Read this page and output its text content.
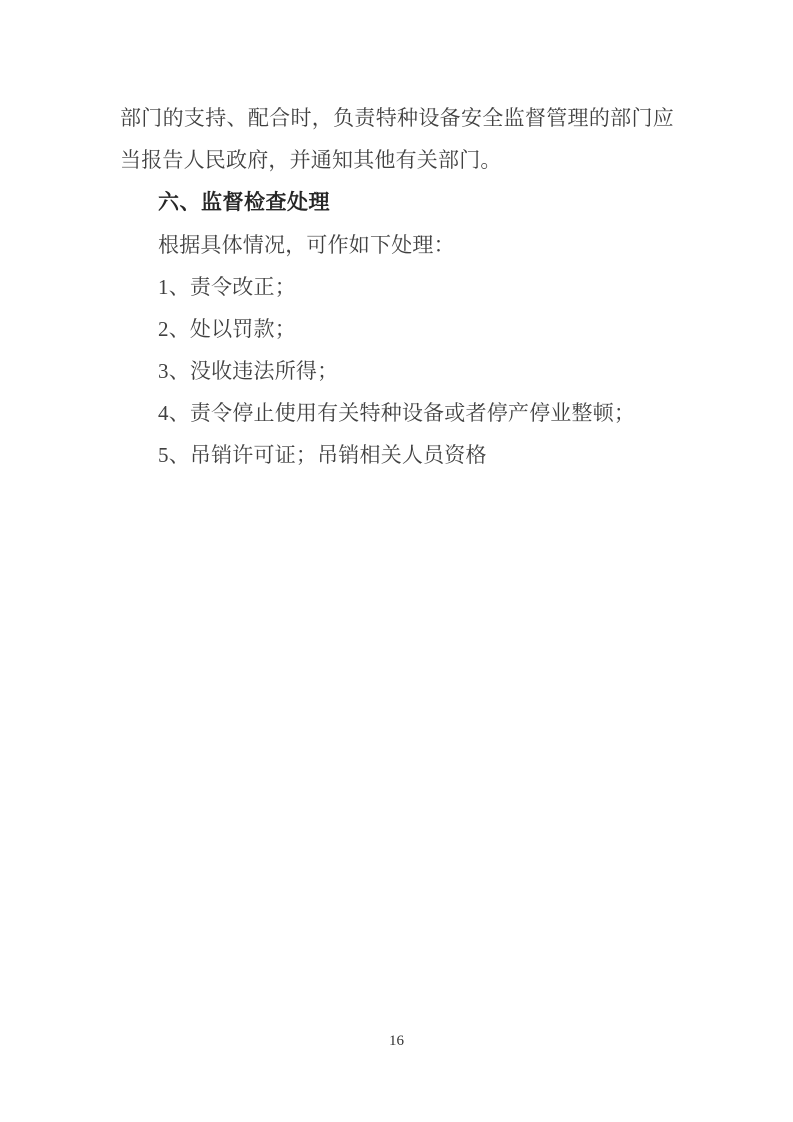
部门的支持、配合时，负责特种设备安全监督管理的部门应当报告人民政府，并通知其他有关部门。

六、监督检查处理

根据具体情况，可作如下处理：

1、责令改正；

2、处以罚款；

3、没收违法所得；

4、责令停止使用有关特种设备或者停产停业整顿；

5、吊销许可证；吊销相关人员资格

16
